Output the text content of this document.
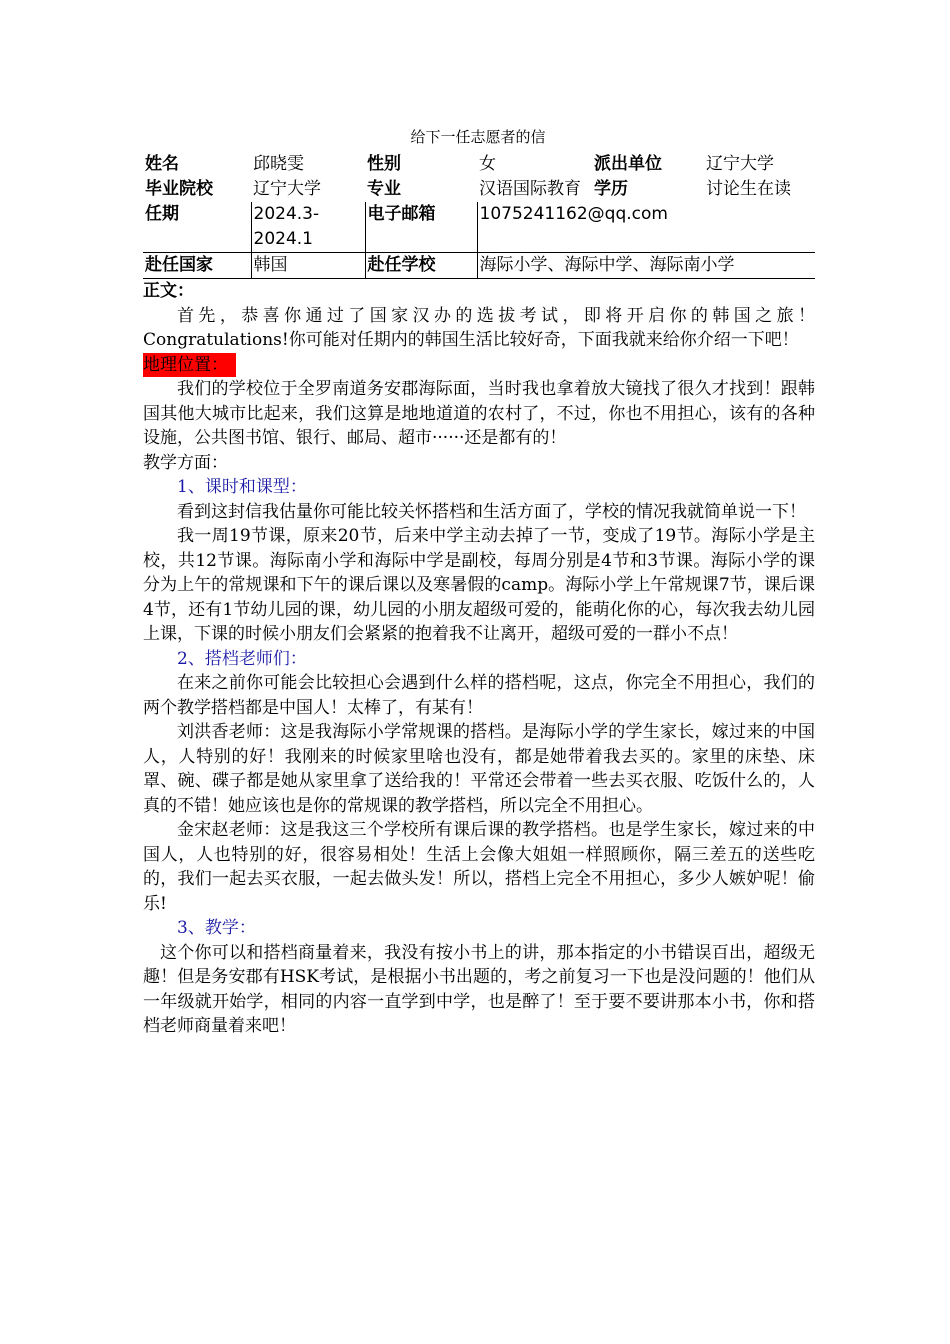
给下一任志愿者的信
姓名	邱晓雯	性别	女	派出单位	辽宁大学
毕业院校	辽宁大学	专业	汉语国际教育	学历	讨论生在读
任期	2024.3-2024.1	电子邮箱	1075241162@qq.com		
赴任国家	韩国	赴任学校	海际小学、海际中学、海际南小学		

正文：

首先，恭喜你通过了国家汉办的选拔考试，即将开启你的韩国之旅！Congratulations!你可能对任期内的韩国生活比较好奇，下面我就来给你介绍一下吧！

地理位置：

我们的学校位于全罗南道务安郡海际面，当时我也拿着放大镜找了很久才找到！跟韩国其他大城市比起来，我们这算是地地道道的农村了，不过，你也不用担心，该有的各种设施，公共图书馆、银行、邮局、超市······还是都有的！

教学方面：

1、课时和课型：

看到这封信我估量你可能比较关怀搭档和生活方面了，学校的情况我就简单说一下！

我一周19节课，原来20节，后来中学主动去掉了一节，变成了19节。海际小学是主校，共12节课。海际南小学和海际中学是副校，每周分别是4节和3节课。海际小学的课分为上午的常规课和下午的课后课以及寒暑假的camp。海际小学上午常规课7节，课后课4节，还有1节幼儿园的课，幼儿园的小朋友超级可爱的，能萌化你的心，每次我去幼儿园上课，下课的时候小朋友们会紧紧的抱着我不让离开，超级可爱的一群小不点！

2、搭档老师们：

在来之前你可能会比较担心会遇到什么样的搭档呢，这点，你完全不用担心，我们的两个教学搭档都是中国人！太棒了，有某有！

刘洪香老师：这是我海际小学常规课的搭档。是海际小学的学生家长，嫁过来的中国人，人特别的好！我刚来的时候家里啥也没有，都是她带着我去买的。家里的床垫、床罩、碗、碟子都是她从家里拿了送给我的！平常还会带着一些去买衣服、吃饭什么的，人真的不错！她应该也是你的常规课的教学搭档，所以完全不用担心。

金宋赵老师：这是我这三个学校所有课后课的教学搭档。也是学生家长，嫁过来的中国人，人也特别的好，很容易相处！生活上会像大姐姐一样照顾你，隔三差五的送些吃的，我们一起去买衣服，一起去做头发！所以，搭档上完全不用担心，多少人嫉妒呢！偷乐!

3、教学：

这个你可以和搭档商量着来，我没有按小书上的讲，那本指定的小书错误百出，超级无趣！但是务安郡有HSK考试，是根据小书出题的，考之前复习一下也是没问题的！他们从一年级就开始学，相同的内容一直学到中学，也是醉了！至于要不要讲那本小书，你和搭档老师商量着来吧！
